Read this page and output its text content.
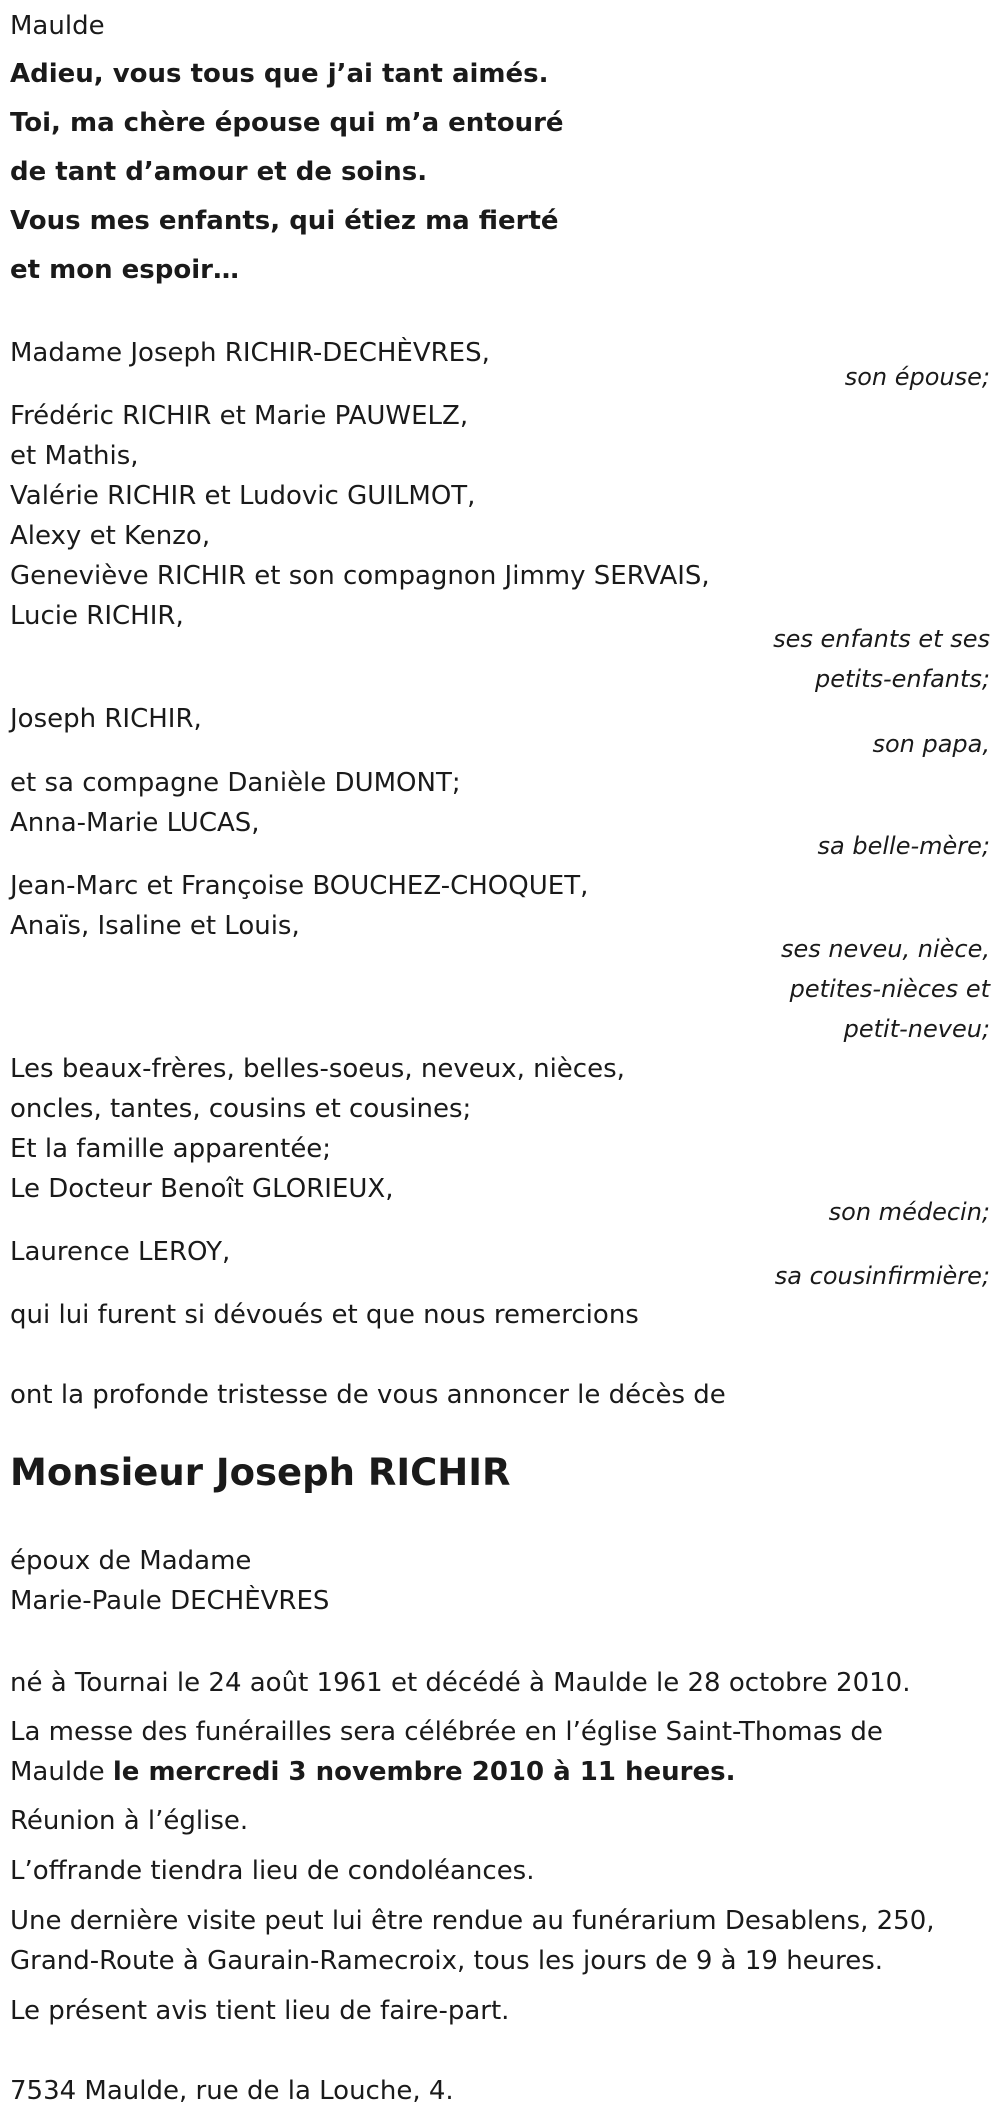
Maulde

Adieu, vous tous que j’ai tant aimés.

Toi, ma chère épouse qui m’a entouré

de tant d’amour et de soins.

Vous mes enfants, qui étiez ma fierté

et mon espoir…

Madame Joseph RICHIR-DECHÈVRES,

son épouse;

Frédéric RICHIR et Marie PAUWELZ,

et Mathis,

Valérie RICHIR et Ludovic GUILMOT,

Alexy et Kenzo,

Geneviève RICHIR et son compagnon Jimmy SERVAIS,

Lucie RICHIR,

ses enfants et ses

petits-enfants;

Joseph RICHIR,

son papa,

et sa compagne Danièle DUMONT;

Anna-Marie LUCAS,

sa belle-mère;

Jean-Marc et Françoise BOUCHEZ-CHOQUET,

Anaïs, Isaline et Louis,

ses neveu, nièce,

petites-nièces et

petit-neveu;

Les beaux-frères, belles-soeus, neveux, nièces,

oncles, tantes, cousins et cousines;

Et la famille apparentée;

Le Docteur Benoît GLORIEUX,

son médecin;

Laurence LEROY,

sa cousinfirmière;

qui lui furent si dévoués et que nous remercions

ont la profonde tristesse de vous annoncer le décès de

Monsieur Joseph RICHIR

époux de Madame

Marie-Paule DECHÈVRES

né à Tournai le 24 août 1961 et décédé à Maulde le 28 octobre 2010.

La messe des funérailles sera célébrée en l’église Saint-Thomas de

Maulde le mercredi 3 novembre 2010 à 11 heures.

Réunion à l’église.

L’offrande tiendra lieu de condoléances.

Une dernière visite peut lui être rendue au funérarium Desablens, 250,

Grand-Route à Gaurain-Ramecroix, tous les jours de 9 à 19 heures.

Le présent avis tient lieu de faire-part.

7534 Maulde, rue de la Louche, 4.
